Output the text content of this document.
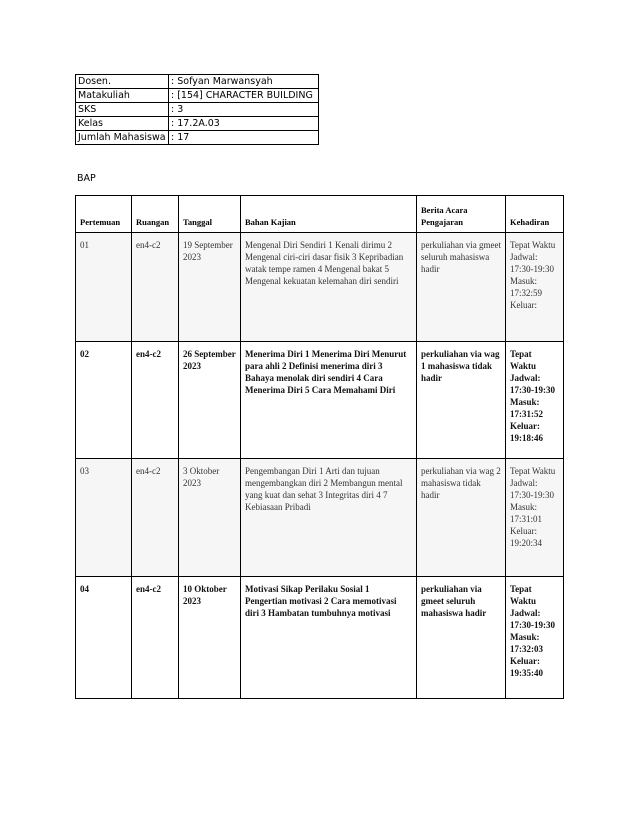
Dosen.	: Sofyan Marwansyah
Matakuliah	: [154] CHARACTER BUILDING
SKS	: 3
Kelas	: 17.2A.03
Jumlah Mahasiswa	: 17
BAP
Pertemuan	Ruangan	Tanggal	Bahan Kajian	Berita Acara Pengajaran	Kehadiran
01	en4-c2	19 September 2023	Mengenal Diri Sendiri 1 Kenali dirimu 2 Mengenal ciri-ciri dasar fisik 3 Kepribadian watak tempe ramen 4 Mengenal bakat 5 Mengenal kekuatan kelemahan diri sendiri	perkuliahan via gmeet seluruh mahasiswa hadir	Tepat Waktu Jadwal: 17:30-19:30 Masuk: 17:32:59 Keluar:
02	en4-c2	26 September 2023	Menerima Diri 1 Menerima Diri Menurut para ahli 2 Definisi menerima diri 3 Bahaya menolak diri sendiri 4 Cara Menerima Diri 5 Cara Memahami Diri	perkuliahan via wag 1 mahasiswa tidak hadir	Tepat Waktu Jadwal: 17:30-19:30 Masuk: 17:31:52 Keluar: 19:18:46
03	en4-c2	3 Oktober 2023	Pengembangan Diri 1 Arti dan tujuan mengembangkan diri 2 Membangun mental yang kuat dan sehat 3 Integritas diri 4 7 Kebiasaan Pribadi	perkuliahan via wag 2 mahasiswa tidak hadir	Tepat Waktu Jadwal: 17:30-19:30 Masuk: 17:31:01 Keluar: 19:20:34
04	en4-c2	10 Oktober 2023	Motivasi Sikap Perilaku Sosial 1 Pengertian motivasi 2 Cara memotivasi diri 3 Hambatan tumbuhnya motivasi	perkuliahan via gmeet seluruh mahasiswa hadir	Tepat Waktu Jadwal: 17:30-19:30 Masuk: 17:32:03 Keluar: 19:35:40
